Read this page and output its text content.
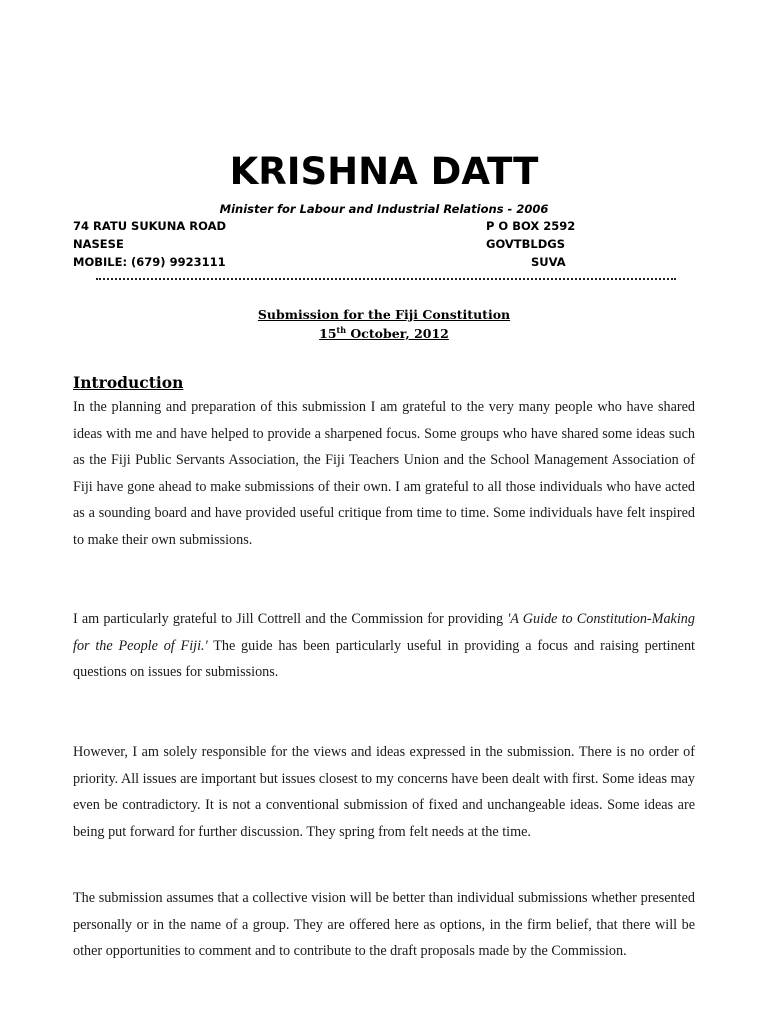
KRISHNA DATT
Minister for Labour and Industrial Relations - 2006
74 RATU SUKUNA ROAD
NASESE
MOBILE: (679) 9923111
P O BOX 2592
GOVTBLDGS
SUVA
Submission for the Fiji Constitution
15th October, 2012
Introduction

In the planning and preparation of this submission I am grateful to the very many people who have shared ideas with me and have helped to provide a sharpened focus. Some groups who have shared some ideas such as the Fiji Public Servants Association, the Fiji Teachers Union and the School Management Association of Fiji have gone ahead to make submissions of their own. I am grateful to all those individuals who have acted as a sounding board and have provided useful critique from time to time. Some individuals have felt inspired to make their own submissions.

I am particularly grateful to Jill Cottrell and the Commission for providing 'A Guide to Constitution-Making for the People of Fiji.' The guide has been particularly useful in providing a focus and raising pertinent questions on issues for submissions.

However, I am solely responsible for the views and ideas expressed in the submission. There is no order of priority. All issues are important but issues closest to my concerns have been dealt with first. Some ideas may even be contradictory. It is not a conventional submission of fixed and unchangeable ideas. Some ideas are being put forward for further discussion. They spring from felt needs at the time.

The submission assumes that a collective vision will be better than individual submissions whether presented personally or in the name of a group. They are offered here as options, in the firm belief, that there will be other opportunities to comment and to contribute to the draft proposals made by the Commission.
